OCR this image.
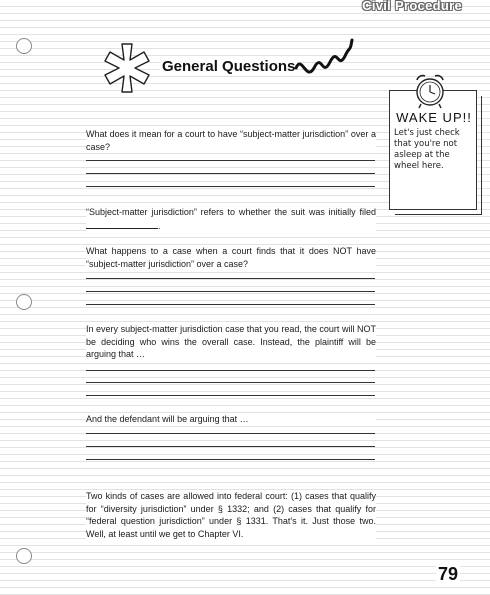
Civil Procedure
General Questions
WAKE UP!!
Let's just check that you're not asleep at the wheel here.
What does it mean for a court to have “subject-matter jurisdiction” over a case?
“Subject-matter jurisdiction” refers to whether the suit was initially filed .
What happens to a case when a court finds that it does NOT have “subject-matter jurisdiction” over a case?
In every subject-matter jurisdiction case that you read, the court will NOT be deciding who wins the overall case. Instead, the plaintiff will be arguing that …
And the defendant will be arguing that …
Two kinds of cases are allowed into federal court: (1) cases that qualify for “diversity jurisdiction” under § 1332; and (2) cases that qualify for “federal question jurisdiction” under § 1331. That's it. Just those two. Well, at least until we get to Chapter VI.
79
